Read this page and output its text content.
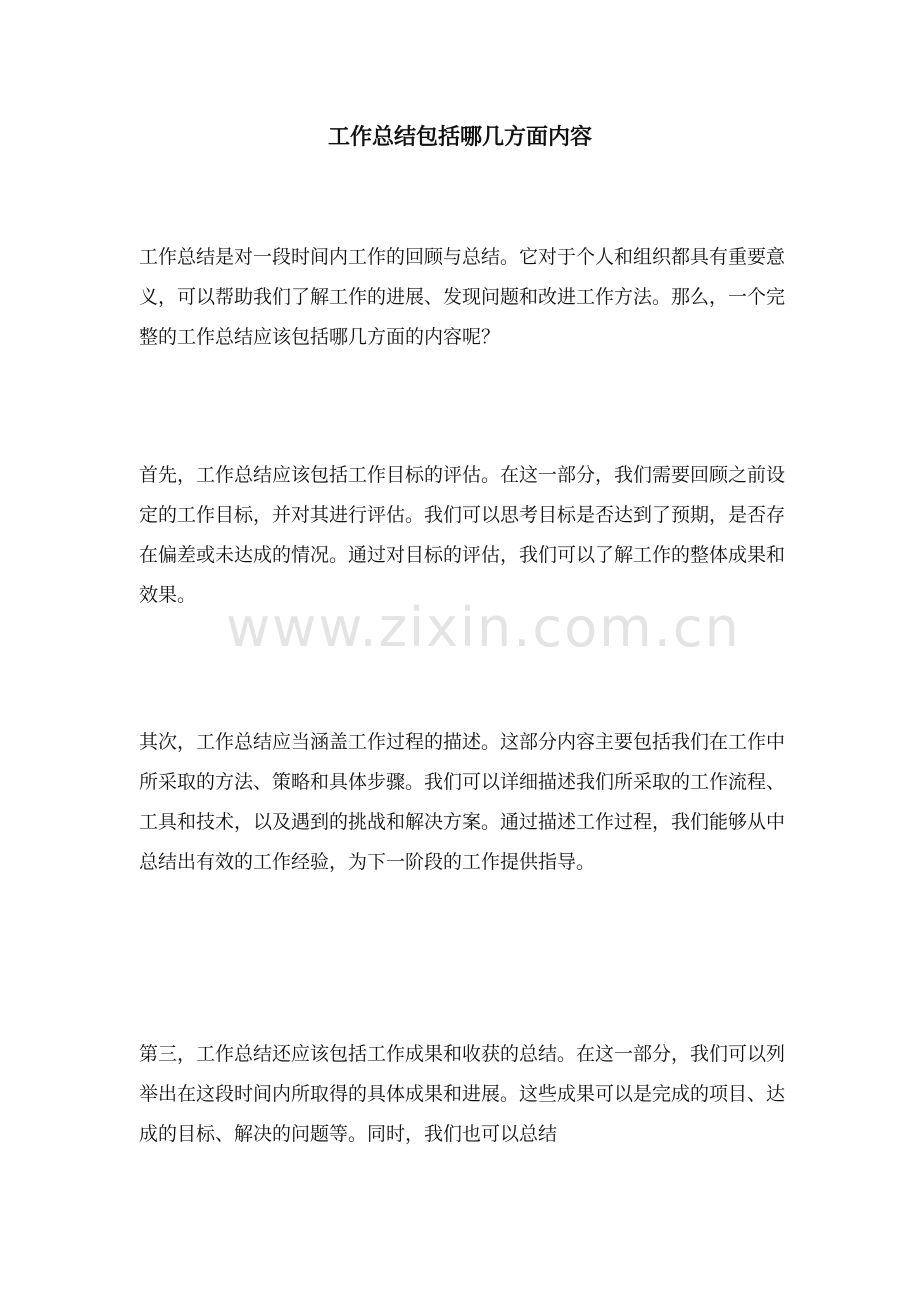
工作总结包括哪几方面内容

工作总结是对一段时间内工作的回顾与总结。它对于个人和组织都具有重要意义，可以帮助我们了解工作的进展、发现问题和改进工作方法。那么，一个完整的工作总结应该包括哪几方面的内容呢？

首先，工作总结应该包括工作目标的评估。在这一部分，我们需要回顾之前设定的工作目标，并对其进行评估。我们可以思考目标是否达到了预期，是否存在偏差或未达成的情况。通过对目标的评估，我们可以了解工作的整体成果和效果。

其次，工作总结应当涵盖工作过程的描述。这部分内容主要包括我们在工作中所采取的方法、策略和具体步骤。我们可以详细描述我们所采取的工作流程、工具和技术，以及遇到的挑战和解决方案。通过描述工作过程，我们能够从中总结出有效的工作经验，为下一阶段的工作提供指导。

第三，工作总结还应该包括工作成果和收获的总结。在这一部分，我们可以列举出在这段时间内所取得的具体成果和进展。这些成果可以是完成的项目、达成的目标、解决的问题等。同时，我们也可以总结

www.zixin.com.cn
